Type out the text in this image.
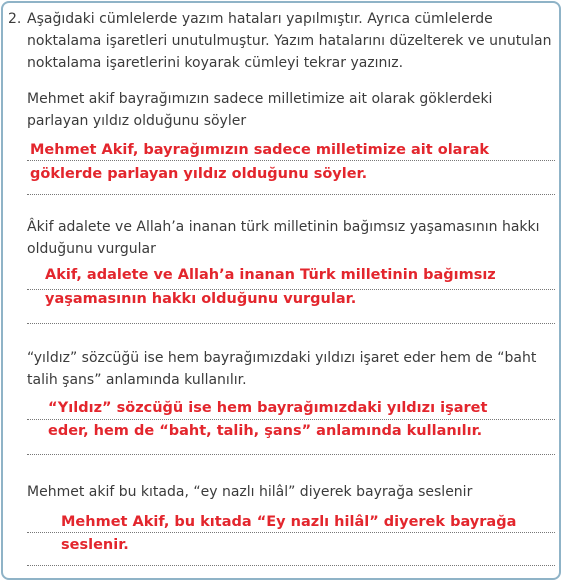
2. Aşağıdaki cümlelerde yazım hataları yapılmıştır. Ayrıca cümlelerde noktalama işaretleri unutulmuştur. Yazım hatalarını düzelterek ve unutulan noktalama işaretlerini koyarak cümleyi tekrar yazınız.

Mehmet akif bayrağımızın sadece milletimize ait olarak göklerdeki parlayan yıldız olduğunu söyler

Mehmet Akif, bayrağımızın sadece milletimize ait olarak

göklerde parlayan yıldız olduğunu söyler.

Âkif adalete ve Allah’a inanan türk milletinin bağımsız yaşamasının hakkı olduğunu vurgular

Akif, adalete ve Allah’a inanan Türk milletinin bağımsız

yaşamasının hakkı olduğunu vurgular.

“yıldız” sözcüğü ise hem bayrağımızdaki yıldızı işaret eder hem de “baht talih şans” anlamında kullanılır.

“Yıldız” sözcüğü ise hem bayrağımızdaki yıldızı işaret

eder, hem de “baht, talih, şans” anlamında kullanılır.

Mehmet akif bu kıtada, “ey nazlı hilâl” diyerek bayrağa seslenir

Mehmet Akif, bu kıtada “Ey nazlı hilâl” diyerek bayrağa

seslenir.
